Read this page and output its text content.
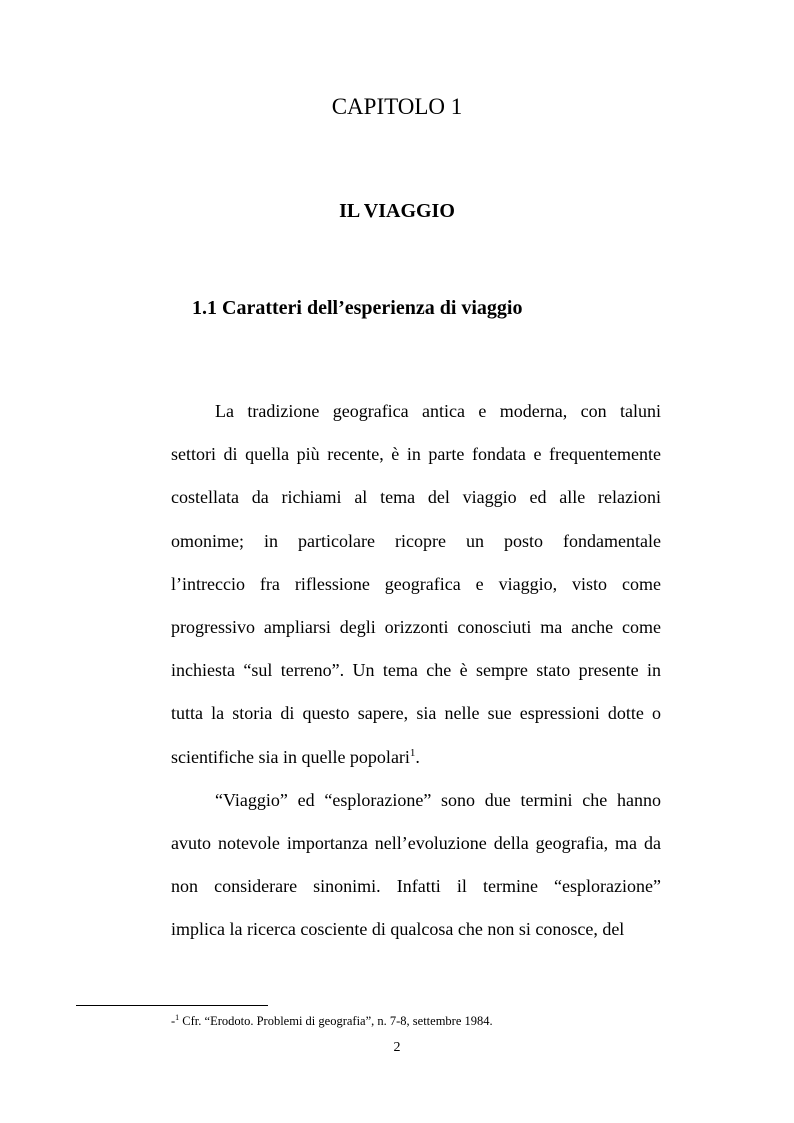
CAPITOLO 1
IL VIAGGIO
1.1 Caratteri dell’esperienza di viaggio
La tradizione geografica antica e moderna, con taluni
settori di quella più recente, è in parte fondata e frequentemente
costellata da richiami al tema del viaggio ed alle relazioni
omonime; in particolare ricopre un posto fondamentale
l’intreccio fra riflessione geografica e viaggio, visto come
progressivo ampliarsi degli orizzonti conosciuti ma anche come
inchiesta “sul terreno”. Un tema che è sempre stato presente in
tutta la storia di questo sapere, sia nelle sue espressioni dotte o
scientifiche sia in quelle popolari$^1$.
“Viaggio” ed “esplorazione” sono due termini che hanno
avuto notevole importanza nell’evoluzione della geografia, ma da
non considerare sinonimi. Infatti il termine “esplorazione”
implica la ricerca cosciente di qualcosa che non si conosce, del
-$^1$ Cfr. “Erodoto. Problemi di geografia”, n. 7-8, settembre 1984.
2
